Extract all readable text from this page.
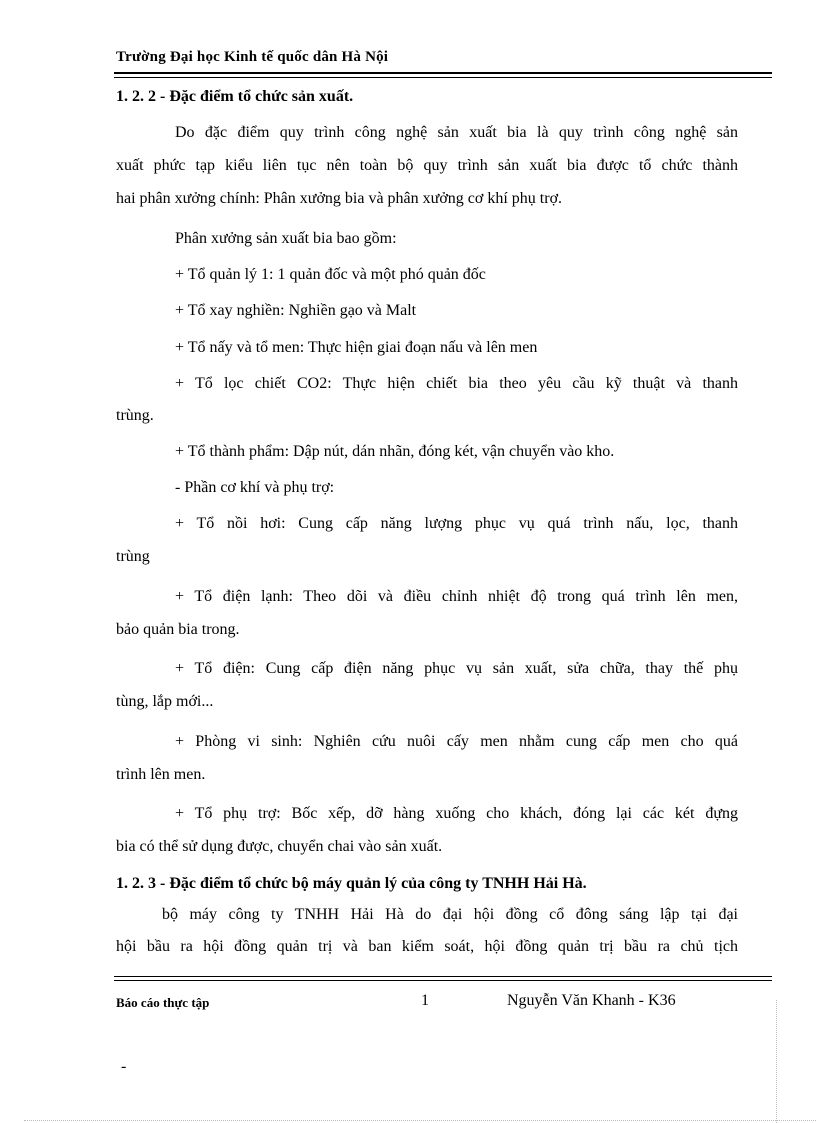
Trường Đại học Kinh tế quốc dân Hà Nội
1. 2. 2 - Đặc điểm tổ chức sản xuất.
Do đặc điểm quy trình công nghệ sản xuất bia là quy trình công nghệ sản
xuất phức tạp kiểu liên tục nên toàn bộ quy trình sản xuất bia được tổ chức thành
hai phân xưởng chính: Phân xưởng bia và phân xưởng cơ khí phụ trợ.
Phân xưởng sản xuất bia bao gồm:
+ Tổ quản lý 1: 1 quản đốc và một phó quản đốc
+ Tổ xay nghiền: Nghiền gạo và Malt
+ Tổ nấy và tổ men: Thực hiện giai đoạn nấu và lên men
+ Tổ lọc chiết CO2: Thực hiện chiết bia theo yêu cầu kỹ thuật và thanh
trùng.
+ Tổ thành phẩm: Dập nút, dán nhãn, đóng két, vận chuyển vào kho.
- Phần cơ khí và phụ trợ:
+ Tổ nồi hơi: Cung cấp năng lượng phục vụ quá trình nấu, lọc, thanh
trùng
+ Tổ điện lạnh: Theo dõi và điều chỉnh nhiệt độ trong quá trình lên men,
bảo quản bia trong.
+ Tổ điện: Cung cấp điện năng phục vụ sản xuất, sửa chữa, thay thế phụ
tùng, lắp mới...
+ Phòng vi sinh: Nghiên cứu nuôi cấy men nhằm cung cấp men cho quá
trình lên men.
+ Tổ phụ trợ: Bốc xếp, dỡ hàng xuống cho khách, đóng lại các két đựng
bia có thể sử dụng được, chuyển chai vào sản xuất.
1. 2. 3 - Đặc điểm tổ chức bộ máy quản lý của công ty TNHH Hải Hà.
bộ máy công ty TNHH Hải Hà do đại hội đồng cổ đông sáng lập tại đại
hội bầu ra hội đồng quản trị và ban kiểm soát, hội đồng quản trị bầu ra chủ tịch
Báo cáo thực tập	1	Nguyễn Văn Khanh - K36
-
